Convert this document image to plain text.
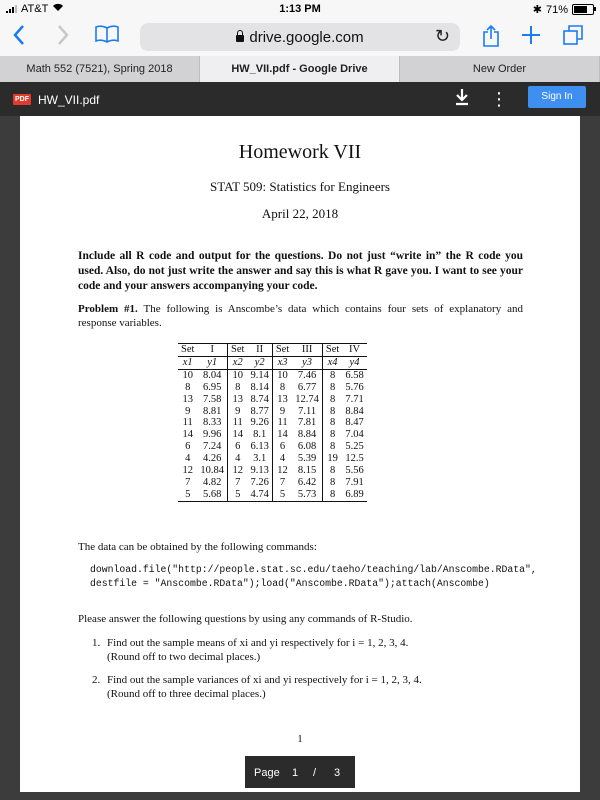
AT&T	1:13 PM	✱ 71%
drive.google.com	↻
Math 552 (7521), Spring 2018	HW_VII.pdf - Google Drive	New Order
PDF HW_VII.pdf	⋮	Sign In
Homework VII
STAT 509: Statistics for Engineers
April 22, 2018
Include all R code and output for the questions. Do not just “write in” the R code you used. Also, do not just write the answer and say this is what R gave you. I want to see your code and your answers accompanying your code.
Problem #1. The following is Anscombe’s data which contains four sets of explanatory and response variables.
Set	I	Set	II	Set	III	Set	IV
x1	y1	x2	y2	x3	y3	x4	y4
10	8.04	10	9.14	10	7.46	8	6.58
8	6.95	8	8.14	8	6.77	8	5.76
13	7.58	13	8.74	13	12.74	8	7.71
9	8.81	9	8.77	9	7.11	8	8.84
11	8.33	11	9.26	11	7.81	8	8.47
14	9.96	14	8.1	14	8.84	8	7.04
6	7.24	6	6.13	6	6.08	8	5.25
4	4.26	4	3.1	4	5.39	19	12.5
12	10.84	12	9.13	12	8.15	8	5.56
7	4.82	7	7.26	7	6.42	8	7.91
5	5.68	5	4.74	5	5.73	8	6.89
The data can be obtained by the following commands:
download.file("http://people.stat.sc.edu/taeho/teaching/lab/Anscombe.RData",
destfile = "Anscombe.RData");load("Anscombe.RData");attach(Anscombe)
Please answer the following questions by using any commands of R-Studio.
1. Find out the sample means of xi and yi respectively for i = 1, 2, 3, 4.
(Round off to two decimal places.)
2. Find out the sample variances of xi and yi respectively for i = 1, 2, 3, 4.
(Round off to three decimal places.)
1
Page 1 / 3
